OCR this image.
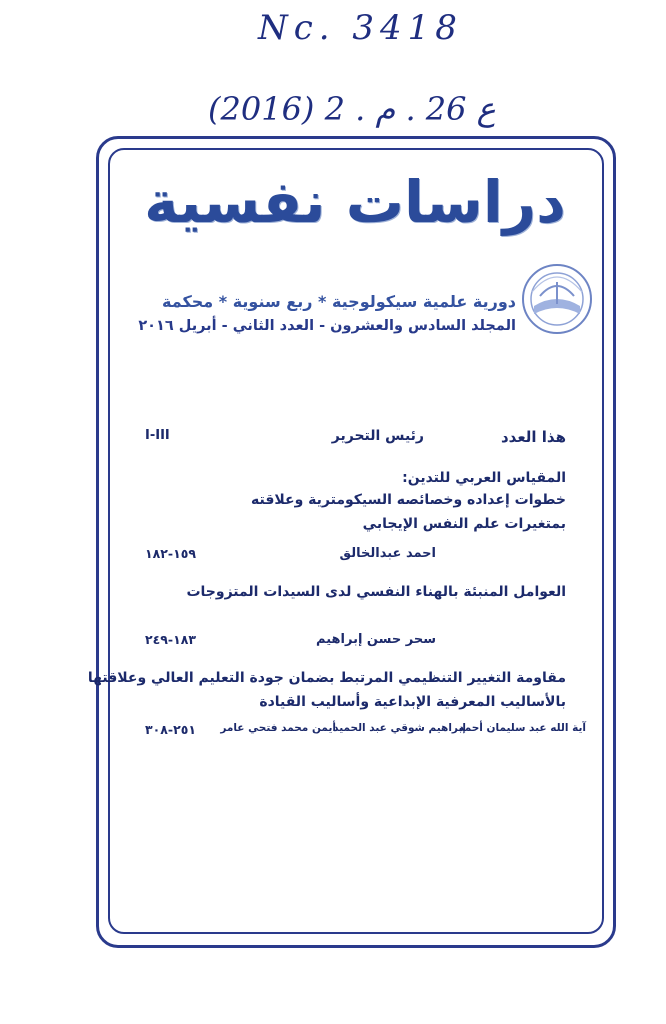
Nc. 3418
(2016) 2 . ع 26 . م
دراسات نفسية
دورية علمية سيكولوجية * ربع سنوية * محكمة
المجلد السادس والعشرون - العدد الثاني - أبريل ٢٠١٦
هذا العدد
رئيس التحرير
I-III
المقياس العربي للتدين:
خطوات إعداده وخصائصه السيكومترية وعلاقته
بمتغيرات علم النفس الإيجابي
احمد عبدالخالق
١٥٩-١٨٢
العوامل المنبئة بالهناء النفسي لدى السيدات المتزوجات
سحر حسن إبراهيم
١٨٣-٢٤٩
مقاومة التغيير التنظيمي المرتبط بضمان جودة التعليم العالي وعلاقتها
بالأساليب المعرفية الإبداعية وأساليب القيادة
آية الله عبد سليمان أحمد
إبراهيم شوقي عبد الحميد
أيمن محمد فتحي عامر
٢٥١-٣٠٨
